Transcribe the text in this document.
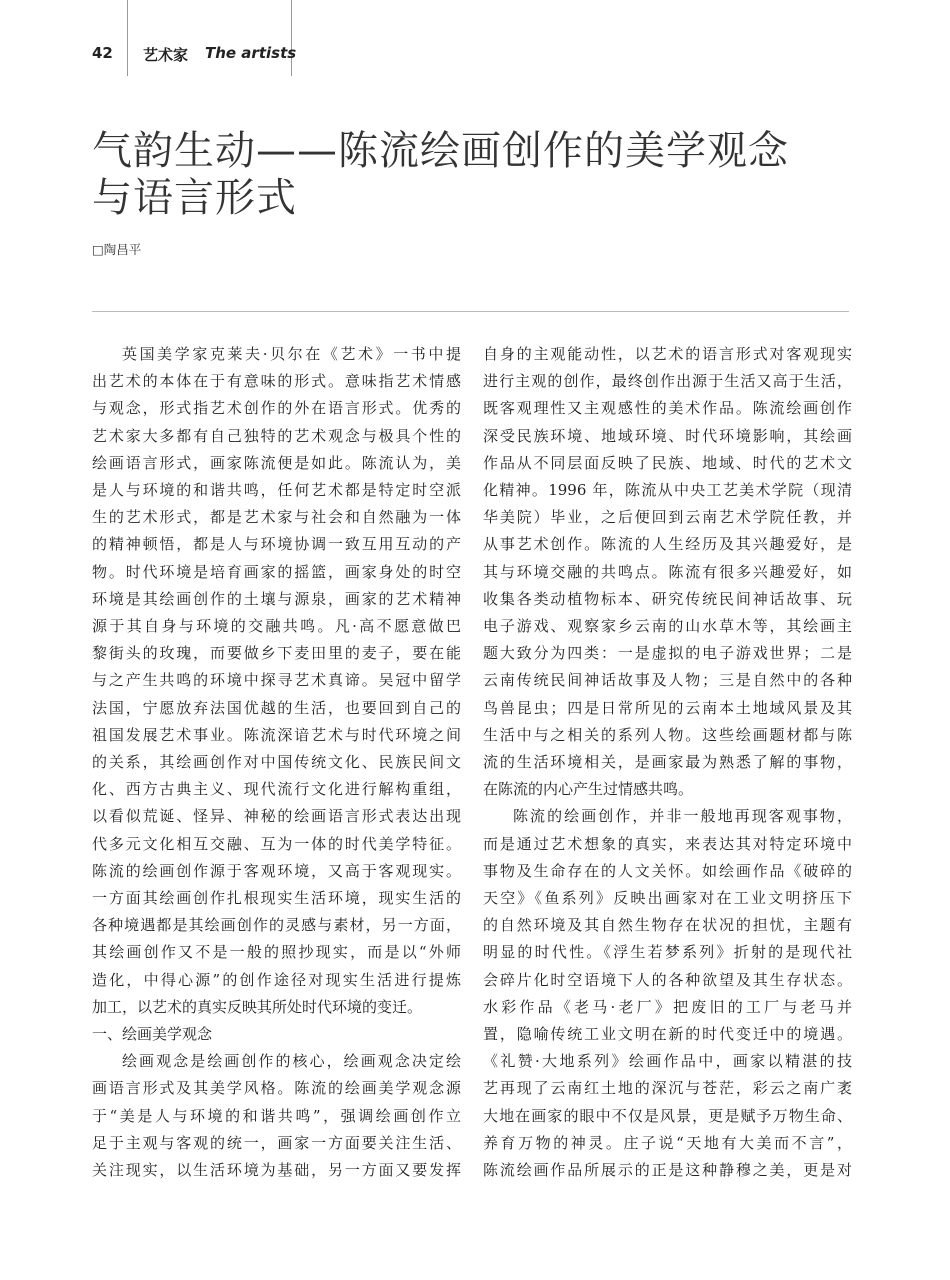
42 艺术家 The artists
气韵生动——陈流绘画创作的美学观念
与语言形式
□陶昌平

英国美学家克莱夫·贝尔在《艺术》一书中提

出艺术的本体在于有意味的形式。意味指艺术情感

与观念，形式指艺术创作的外在语言形式。优秀的

艺术家大多都有自己独特的艺术观念与极具个性的

绘画语言形式，画家陈流便是如此。陈流认为，美

是人与环境的和谐共鸣，任何艺术都是特定时空派

生的艺术形式，都是艺术家与社会和自然融为一体

的精神顿悟，都是人与环境协调一致互用互动的产

物。时代环境是培育画家的摇篮，画家身处的时空

环境是其绘画创作的土壤与源泉，画家的艺术精神

源于其自身与环境的交融共鸣。凡·高不愿意做巴

黎街头的玫瑰，而要做乡下麦田里的麦子，要在能

与之产生共鸣的环境中探寻艺术真谛。吴冠中留学

法国，宁愿放弃法国优越的生活，也要回到自己的

祖国发展艺术事业。陈流深谙艺术与时代环境之间

的关系，其绘画创作对中国传统文化、民族民间文

化、西方古典主义、现代流行文化进行解构重组，

以看似荒诞、怪异、神秘的绘画语言形式表达出现

代多元文化相互交融、互为一体的时代美学特征。

陈流的绘画创作源于客观环境，又高于客观现实。

一方面其绘画创作扎根现实生活环境，现实生活的

各种境遇都是其绘画创作的灵感与素材，另一方面，

其绘画创作又不是一般的照抄现实，而是以“外师

造化，中得心源”的创作途径对现实生活进行提炼

加工，以艺术的真实反映其所处时代环境的变迁。

一、绘画美学观念

绘画观念是绘画创作的核心，绘画观念决定绘

画语言形式及其美学风格。陈流的绘画美学观念源

于“美是人与环境的和谐共鸣”，强调绘画创作立

足于主观与客观的统一，画家一方面要关注生活、

关注现实，以生活环境为基础，另一方面又要发挥

自身的主观能动性，以艺术的语言形式对客观现实

进行主观的创作，最终创作出源于生活又高于生活，

既客观理性又主观感性的美术作品。陈流绘画创作

深受民族环境、地域环境、时代环境影响，其绘画

作品从不同层面反映了民族、地域、时代的艺术文

化精神。1996 年，陈流从中央工艺美术学院（现清

华美院）毕业，之后便回到云南艺术学院任教，并

从事艺术创作。陈流的人生经历及其兴趣爱好，是

其与环境交融的共鸣点。陈流有很多兴趣爱好，如

收集各类动植物标本、研究传统民间神话故事、玩

电子游戏、观察家乡云南的山水草木等，其绘画主

题大致分为四类：一是虚拟的电子游戏世界；二是

云南传统民间神话故事及人物；三是自然中的各种

鸟兽昆虫；四是日常所见的云南本土地域风景及其

生活中与之相关的系列人物。这些绘画题材都与陈

流的生活环境相关，是画家最为熟悉了解的事物，

在陈流的内心产生过情感共鸣。

陈流的绘画创作，并非一般地再现客观事物，

而是通过艺术想象的真实，来表达其对特定环境中

事物及生命存在的人文关怀。如绘画作品《破碎的

天空》《鱼系列》反映出画家对在工业文明挤压下

的自然环境及其自然生物存在状况的担忧，主题有

明显的时代性。《浮生若梦系列》折射的是现代社

会碎片化时空语境下人的各种欲望及其生存状态。

水彩作品《老马·老厂》把废旧的工厂与老马并

置，隐喻传统工业文明在新的时代变迁中的境遇。

《礼赞·大地系列》绘画作品中，画家以精湛的技

艺再现了云南红土地的深沉与苍茫，彩云之南广袤

大地在画家的眼中不仅是风景，更是赋予万物生命、

养育万物的神灵。庄子说“天地有大美而不言”，

陈流绘画作品所展示的正是这种静穆之美，更是对
